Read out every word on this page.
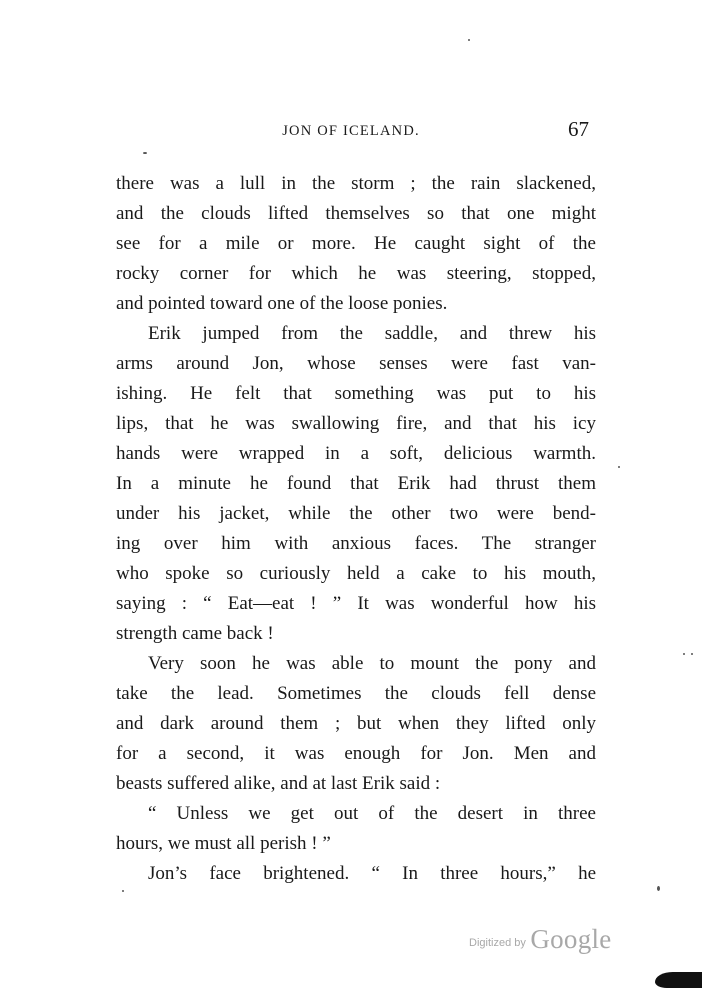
JON OF ICELAND.	67
there was a lull in the storm ; the rain slackened,
and the clouds lifted themselves so that one might
see for a mile or more. He caught sight of the
rocky corner for which he was steering, stopped,
and pointed toward one of the loose ponies.
Erik jumped from the saddle, and threw his
arms around Jon, whose senses were fast van-
ishing. He felt that something was put to his
lips, that he was swallowing fire, and that his icy
hands were wrapped in a soft, delicious warmth.
In a minute he found that Erik had thrust them
under his jacket, while the other two were bend-
ing over him with anxious faces. The stranger
who spoke so curiously held a cake to his mouth,
saying : “ Eat—eat ! ” It was wonderful how his
strength came back !
Very soon he was able to mount the pony and
take the lead. Sometimes the clouds fell dense
and dark around them ; but when they lifted only
for a second, it was enough for Jon. Men and
beasts suffered alike, and at last Erik said :
“ Unless we get out of the desert in three
hours, we must all perish ! ”
Jon’s face brightened. “ In three hours,” he
Digitized by Google
